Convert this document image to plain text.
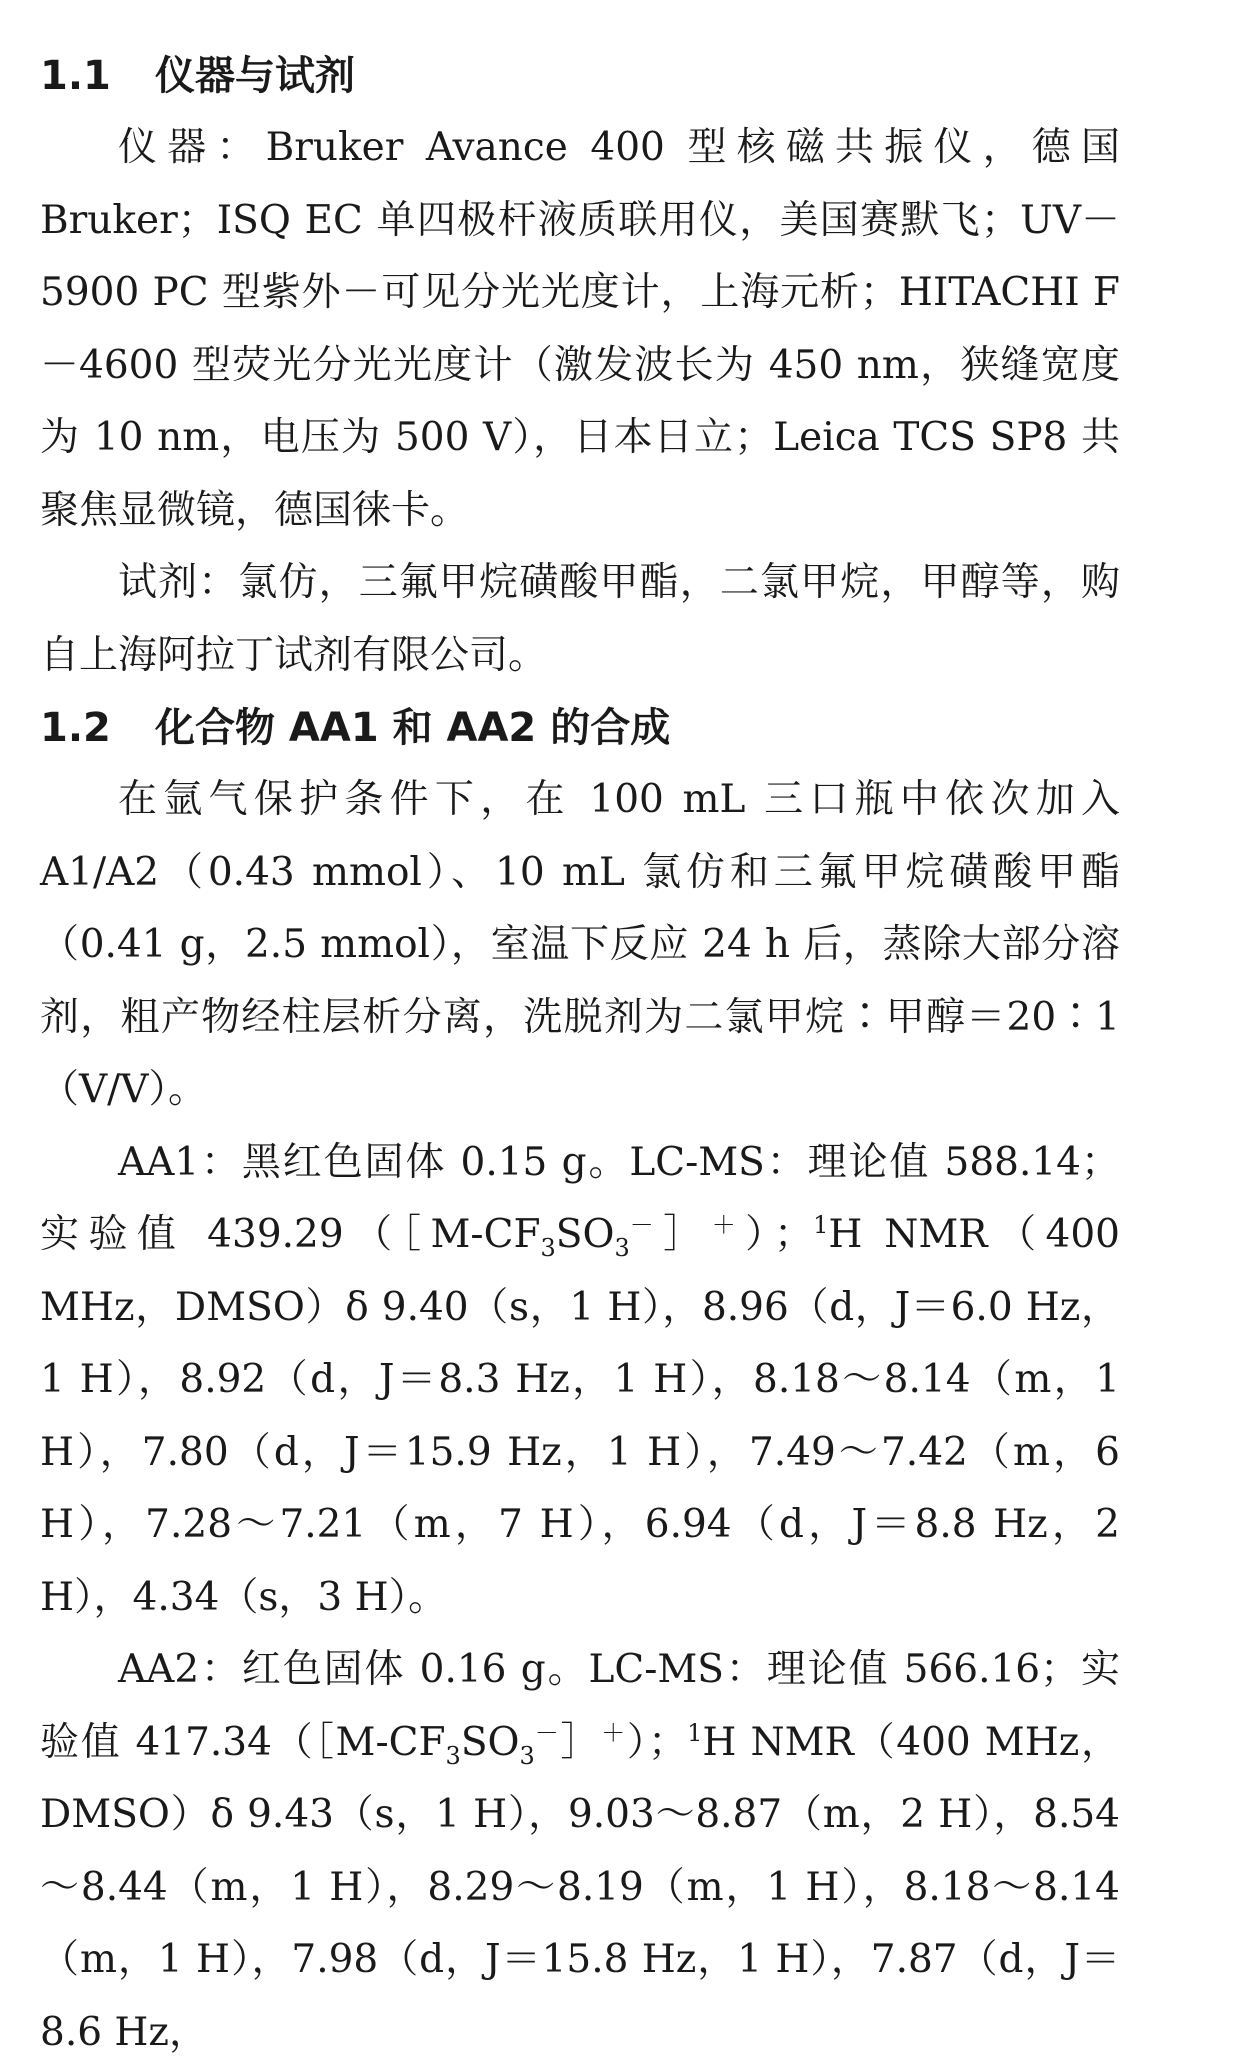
1.1 仪器与试剂

仪器：Bruker Avance 400 型核磁共振仪，德国 Bruker；ISQ EC 单四极杆液质联用仪，美国赛默飞；UV－5900 PC 型紫外－可见分光光度计，上海元析；HITACHI F－4600 型荧光分光光度计（激发波长为 450 nm，狭缝宽度为 10 nm，电压为 500 V），日本日立；Leica TCS SP8 共聚焦显微镜，德国徕卡。

试剂：氯仿，三氟甲烷磺酸甲酯，二氯甲烷，甲醇等，购自上海阿拉丁试剂有限公司。

1.2 化合物 AA1 和 AA2 的合成

在氩气保护条件下，在 100 mL 三口瓶中依次加入 A1/A2（0.43 mmol）、10 mL 氯仿和三氟甲烷磺酸甲酯（0.41 g，2.5 mmol），室温下反应 24 h 后，蒸除大部分溶剂，粗产物经柱层析分离，洗脱剂为二氯甲烷∶甲醇＝20∶1（V/V）。

AA1：黑红色固体 0.15 g。LC-MS：理论值 588.14；实验值 $439.29([M-CF_3SO_3^-]^+)$；$^1$H NMR（400 MHz，DMSO）δ 9.40（s，1 H），8.96（d，J＝6.0 Hz，1 H），8.92（d，J＝8.3 Hz，1 H），8.18～8.14（m，1 H），7.80（d，J＝15.9 Hz，1 H），7.49～7.42（m，6 H），7.28～7.21（m，7 H），6.94（d，J＝8.8 Hz，2 H），4.34（s，3 H）。

AA2：红色固体 0.16 g。LC-MS：理论值 566.16；实验值 $417.34([M-CF_3SO_3^-]^+)$；$^1$H NMR（400 MHz，DMSO）δ 9.43（s，1 H），9.03～8.87（m，2 H），8.54～8.44（m，1 H），8.29～8.19（m，1 H），8.18～8.14（m，1 H），7.98（d，J＝15.8 Hz，1 H），7.87（d，J＝8.6 Hz，
